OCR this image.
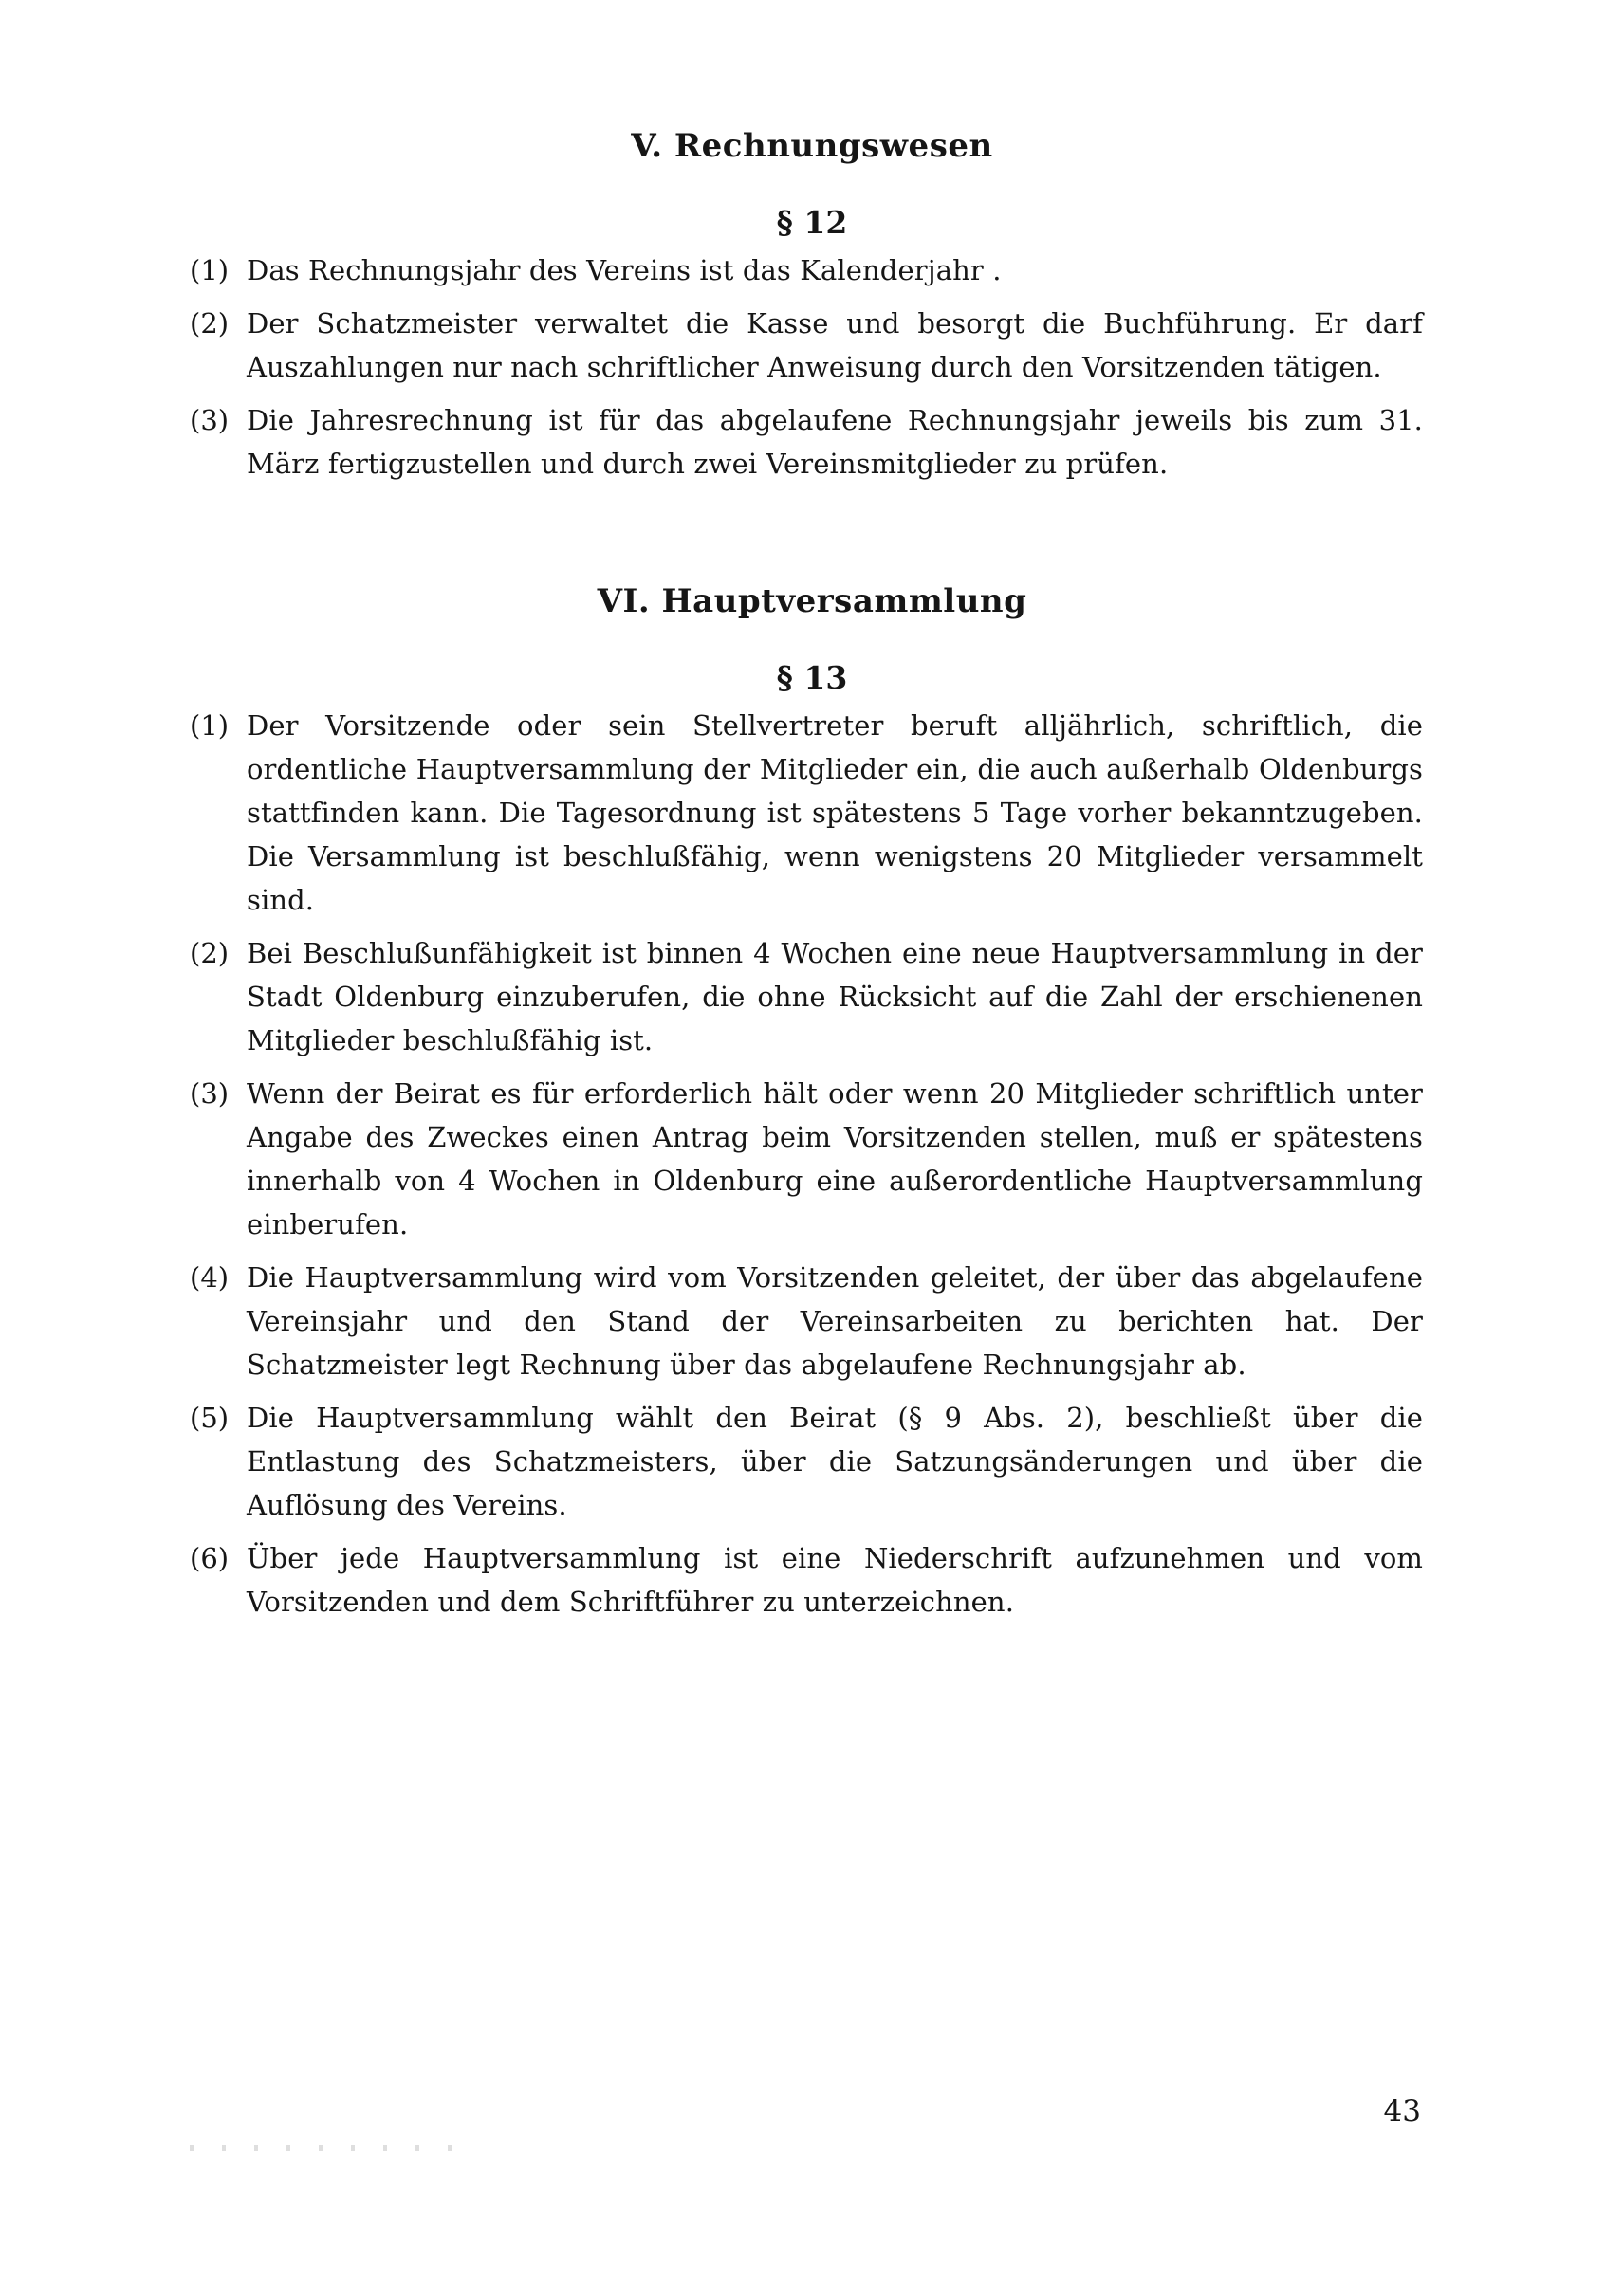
V. Rechnungswesen
§ 12
(1) Das Rechnungsjahr des Vereins ist das Kalenderjahr .
(2) Der Schatzmeister verwaltet die Kasse und besorgt die Buchführung. Er darf Auszahlungen nur nach schriftlicher Anweisung durch den Vorsitzenden tätigen.
(3) Die Jahresrechnung ist für das abgelaufene Rechnungsjahr jeweils bis zum 31. März fertigzustellen und durch zwei Vereinsmitglieder zu prüfen.
VI. Hauptversammlung
§ 13
(1) Der Vorsitzende oder sein Stellvertreter beruft alljährlich, schriftlich, die ordentliche Hauptversammlung der Mitglieder ein, die auch außerhalb Oldenburgs stattfinden kann. Die Tagesordnung ist spätestens 5 Tage vorher bekanntzugeben. Die Versammlung ist beschlußfähig, wenn wenigstens 20 Mitglieder versammelt sind.
(2) Bei Beschlußunfähigkeit ist binnen 4 Wochen eine neue Hauptversammlung in der Stadt Oldenburg einzuberufen, die ohne Rücksicht auf die Zahl der erschienenen Mitglieder beschlußfähig ist.
(3) Wenn der Beirat es für erforderlich hält oder wenn 20 Mitglieder schriftlich unter Angabe des Zweckes einen Antrag beim Vorsitzenden stellen, muß er spätestens innerhalb von 4 Wochen in Oldenburg eine außerordentliche Hauptversammlung einberufen.
(4) Die Hauptversammlung wird vom Vorsitzenden geleitet, der über das abgelaufene Vereinsjahr und den Stand der Vereinsarbeiten zu berichten hat. Der Schatzmeister legt Rechnung über das abgelaufene Rechnungsjahr ab.
(5) Die Hauptversammlung wählt den Beirat (§ 9 Abs. 2), beschließt über die Entlastung des Schatzmeisters, über die Satzungsänderungen und über die Auflösung des Vereins.
(6) Über jede Hauptversammlung ist eine Niederschrift aufzunehmen und vom Vorsitzenden und dem Schriftführer zu unterzeichnen.
43
